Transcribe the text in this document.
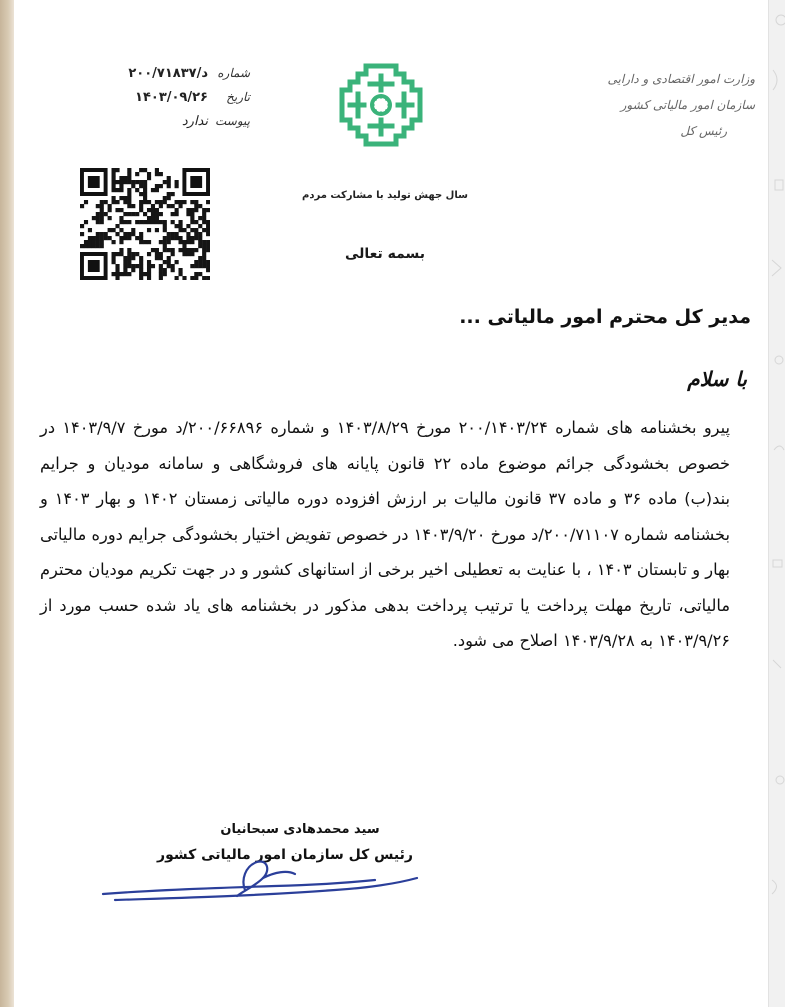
شماره
د/۲۰۰/۷۱۸۳۷
تاریخ
۱۴۰۳/۰۹/۲۶
پیوست
ندارد
سال جهش تولید با مشارکت مردم
بسمه تعالی
وزارت امور اقتصادی و دارایی
سازمان امور مالیاتی کشور
رئیس کل
مدیر کل محترم امور مالیاتی ...
با سلام
پیرو بخشنامه های شماره ۲۰۰/۱۴۰۳/۲۴ مورخ ۱۴۰۳/۸/۲۹ و شماره ۲۰۰/۶۶۸۹۶/د مورخ ۱۴۰۳/۹/۷ در خصوص بخشودگی جرائم موضوع ماده ۲۲ قانون پایانه های فروشگاهی و سامانه مودیان و جرایم بند(ب) ماده ۳۶ و ماده ۳۷ قانون مالیات بر ارزش افزوده دوره مالیاتی زمستان ۱۴۰۲ و بهار ۱۴۰۳ و بخشنامه شماره ۲۰۰/۷۱۱۰۷/د مورخ ۱۴۰۳/۹/۲۰ در خصوص تفویض اختیار بخشودگی جرایم دوره مالیاتی بهار و تابستان ۱۴۰۳ ، با عنایت به تعطیلی اخیر برخی از استانهای کشور و در جهت تکریم مودیان محترم مالیاتی، تاریخ مهلت پرداخت یا ترتیب پرداخت بدهی مذکور در بخشنامه های یاد شده حسب مورد از ۱۴۰۳/۹/۲۶ به ۱۴۰۳/۹/۲۸ اصلاح می شود.
سید محمدهادی سبحانیان
رئیس کل سازمان امور مالیاتی کشور
